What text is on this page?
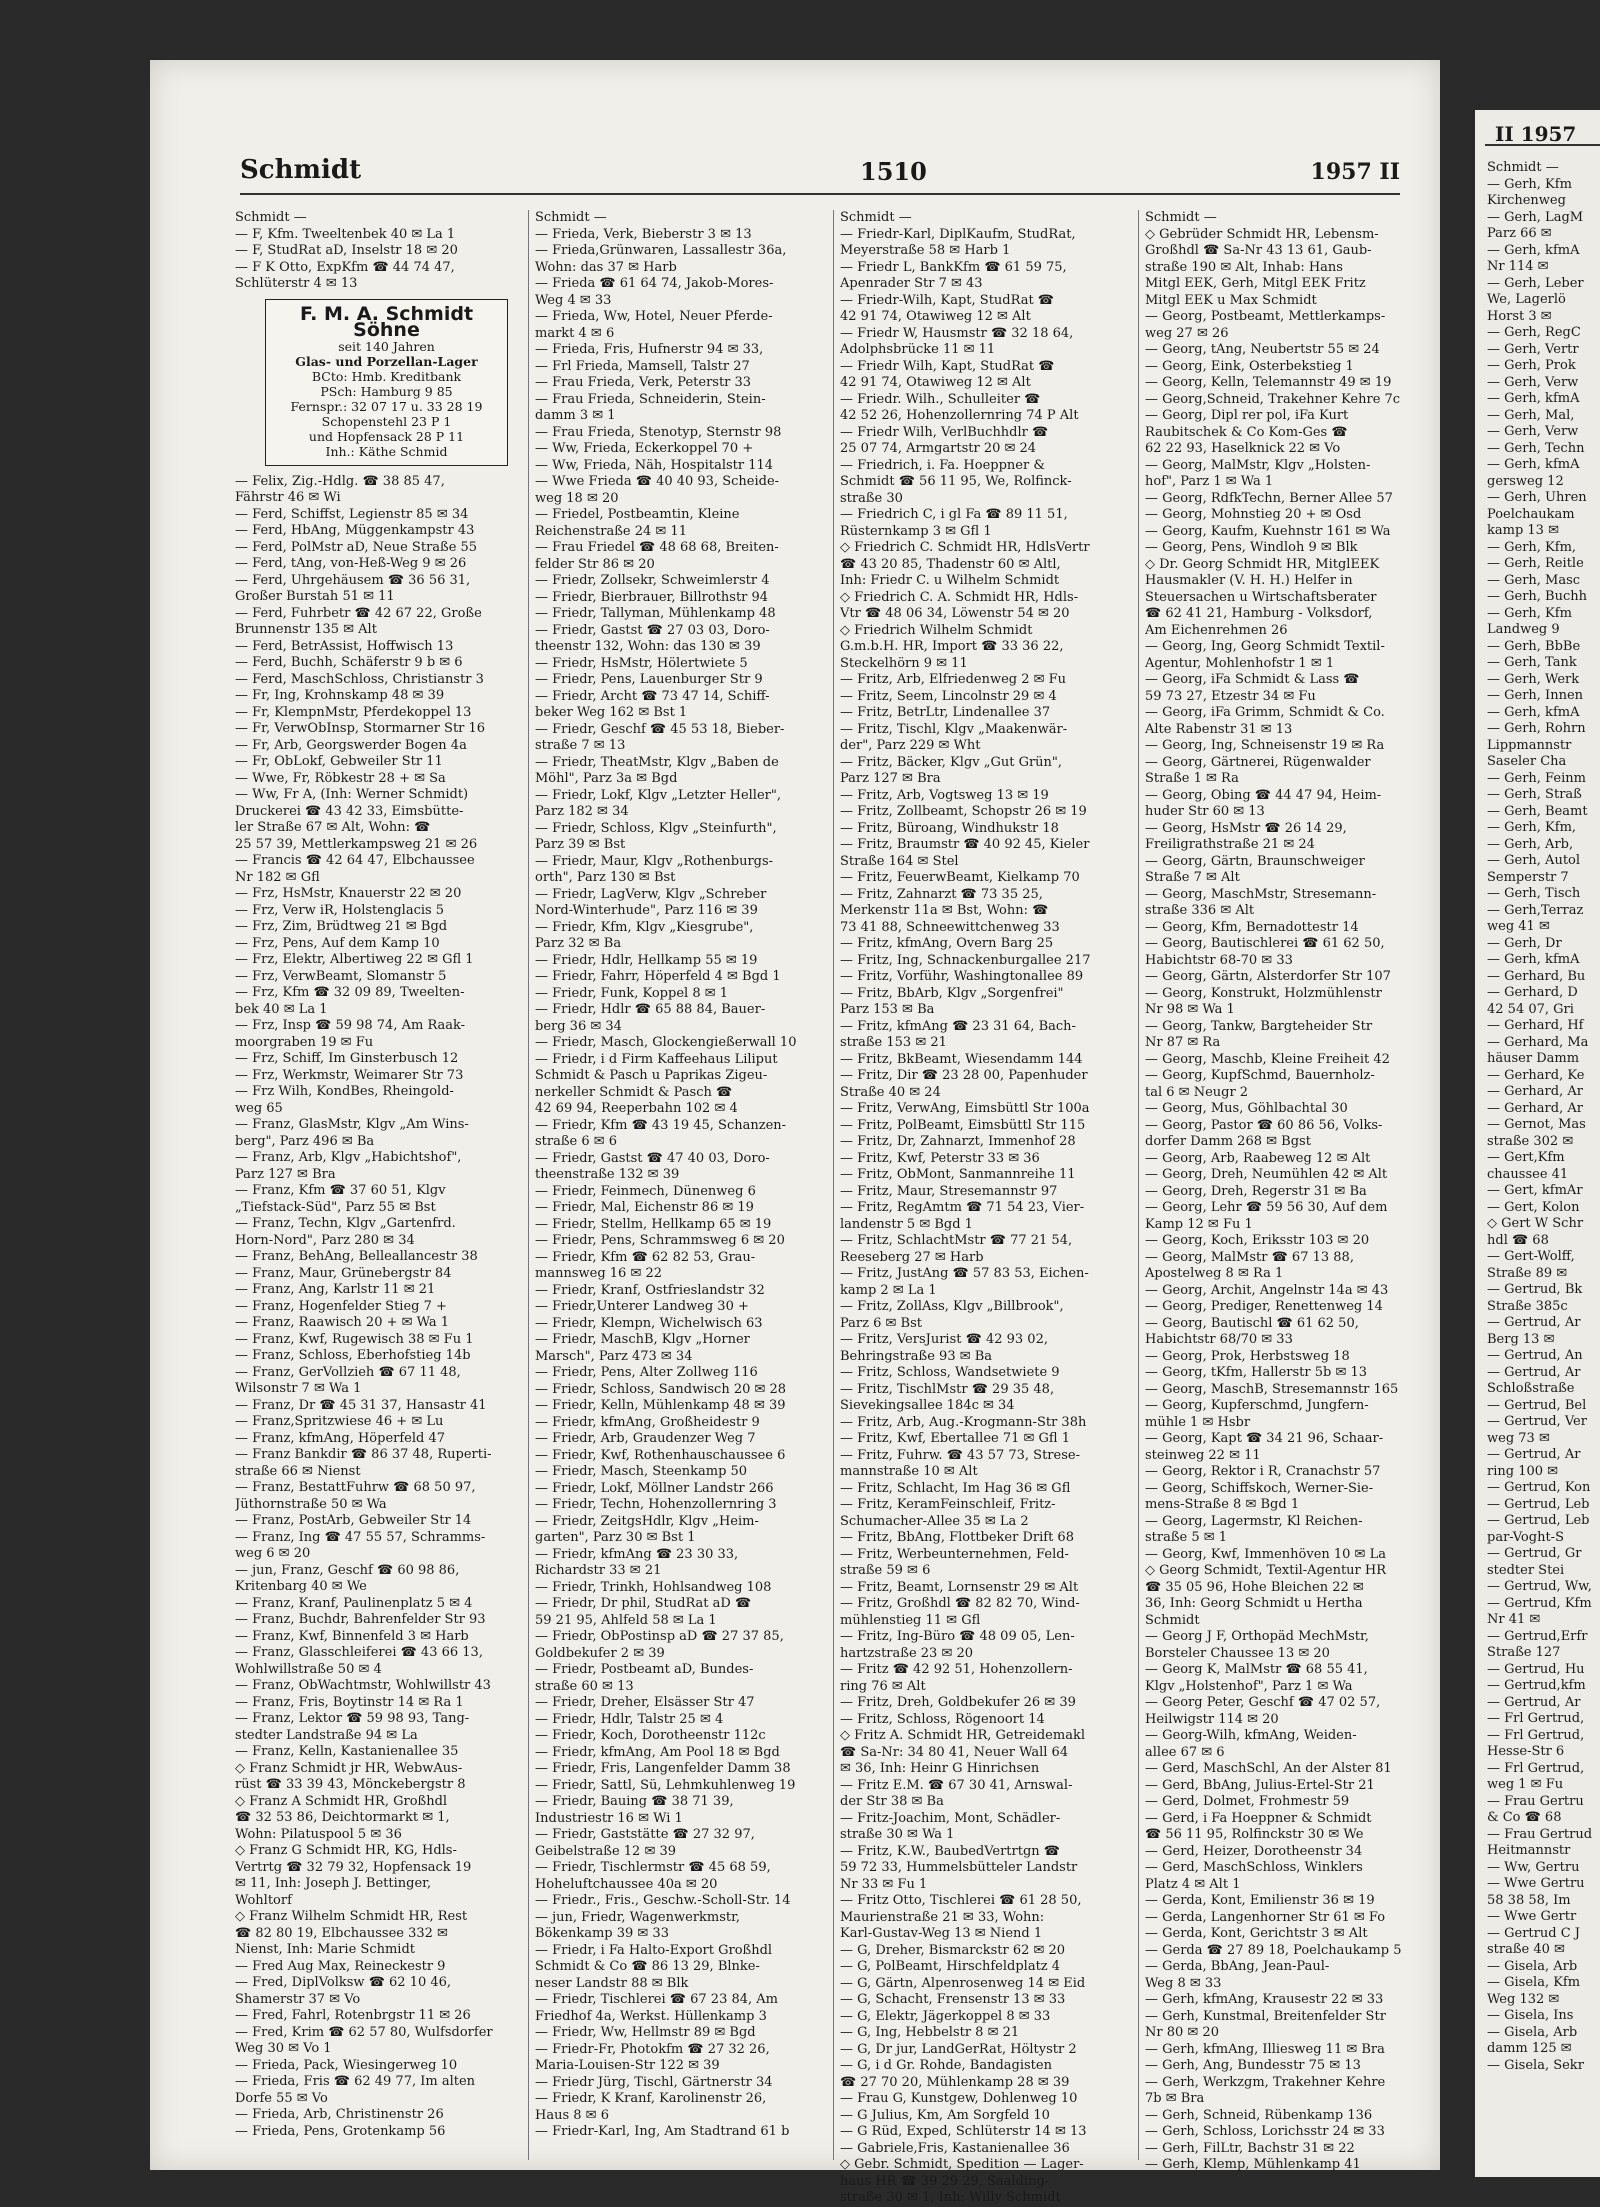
Schmidt	1510	1957 II
Schmidt —
— F, Kfm. Tweeltenbek 40 ✉ La 1
— F, StudRat aD, Inselstr 18 ✉ 20
— F K Otto, ExpKfm ☎ 44 74 47,
Schlüterstr 4 ✉ 13
F. M. A. Schmidt Söhne
seit 140 Jahren
Glas- und Porzellan-Lager
BCto: Hmb. Kreditbank
PSch: Hamburg 9 85
Fernspr.: 32 07 17 u. 33 28 19
Schopenstehl 23 P 1
und Hopfensack 28 P 11
Inh.: Käthe Schmid
— Felix, Zig.-Hdlg. ☎ 38 85 47,
Fährstr 46 ✉ Wi
— Ferd, Schiffst, Legienstr 85 ✉ 34
— Ferd, HbAng, Müggenkampstr 43
— Ferd, PolMstr aD, Neue Straße 55
— Ferd, tAng, von-Heß-Weg 9 ✉ 26
— Ferd, Uhrgehäusem ☎ 36 56 31,
Großer Burstah 51 ✉ 11
— Ferd, Fuhrbetr ☎ 42 67 22, Große
Brunnenstr 135 ✉ Alt
— Ferd, BetrAssist, Hoffwisch 13
— Ferd, Buchh, Schäferstr 9 b ✉ 6
— Ferd, MaschSchloss, Christianstr 3
— Fr, Ing, Krohnskamp 48 ✉ 39
— Fr, KlempnMstr, Pferdekoppel 13
— Fr, VerwObInsp, Stormarner Str 16
— Fr, Arb, Georgswerder Bogen 4a
— Fr, ObLokf, Gebweiler Str 11
— Wwe, Fr, Röbkestr 28 + ✉ Sa
— Ww, Fr A, (Inh: Werner Schmidt)
Druckerei ☎ 43 42 33, Eimsbütte-
ler Straße 67 ✉ Alt, Wohn: ☎
25 57 39, Mettlerkampsweg 21 ✉ 26
— Francis ☎ 42 64 47, Elbchaussee
Nr 182 ✉ Gfl
— Frz, HsMstr, Knauerstr 22 ✉ 20
— Frz, Verw iR, Holstenglacis 5
— Frz, Zim, Brüdtweg 21 ✉ Bgd
— Frz, Pens, Auf dem Kamp 10
— Frz, Elektr, Albertiweg 22 ✉ Gfl 1
— Frz, VerwBeamt, Slomanstr 5
— Frz, Kfm ☎ 32 09 89, Tweelten-
bek 40 ✉ La 1
— Frz, Insp ☎ 59 98 74, Am Raak-
moorgraben 19 ✉ Fu
— Frz, Schiff, Im Ginsterbusch 12
— Frz, Werkmstr, Weimarer Str 73
— Frz Wilh, KondBes, Rheingold-
weg 65
— Franz, GlasMstr, Klgv „Am Wins-
berg", Parz 496 ✉ Ba
— Franz, Arb, Klgv „Habichtshof",
Parz 127 ✉ Bra
— Franz, Kfm ☎ 37 60 51, Klgv
„Tiefstack-Süd", Parz 55 ✉ Bst
— Franz, Techn, Klgv „Gartenfrd.
Horn-Nord", Parz 280 ✉ 34
— Franz, BehAng, Belleallancestr 38
— Franz, Maur, Grünebergstr 84
— Franz, Ang, Karlstr 11 ✉ 21
— Franz, Hogenfelder Stieg 7 +
— Franz, Raawisch 20 + ✉ Wa 1
— Franz, Kwf, Rugewisch 38 ✉ Fu 1
— Franz, Schloss, Eberhofstieg 14b
— Franz, GerVollzieh ☎ 67 11 48,
Wilsonstr 7 ✉ Wa 1
— Franz, Dr ☎ 45 31 37, Hansastr 41
— Franz,Spritzwiese 46 + ✉ Lu
— Franz, kfmAng, Höperfeld 47
— Franz Bankdir ☎ 86 37 48, Ruperti-
straße 66 ✉ Nienst
— Franz, BestattFuhrw ☎ 68 50 97,
Jüthornstraße 50 ✉ Wa
— Franz, PostArb, Gebweiler Str 14
— Franz, Ing ☎ 47 55 57, Schramms-
weg 6 ✉ 20
— jun, Franz, Geschf ☎ 60 98 86,
Kritenbarg 40 ✉ We
— Franz, Kranf, Paulinenplatz 5 ✉ 4
— Franz, Buchdr, Bahrenfelder Str 93
— Franz, Kwf, Binnenfeld 3 ✉ Harb
— Franz, Glasschleiferei ☎ 43 66 13,
Wohlwillstraße 50 ✉ 4
— Franz, ObWachtmstr, Wohlwillstr 43
— Franz, Fris, Boytinstr 14 ✉ Ra 1
— Franz, Lektor ☎ 59 98 93, Tang-
stedter Landstraße 94 ✉ La
— Franz, Kelln, Kastanienallee 35
◇ Franz Schmidt jr HR, WebwAus-
rüst ☎ 33 39 43, Mönckebergstr 8
◇ Franz A Schmidt HR, Großhdl
☎ 32 53 86, Deichtormarkt ✉ 1,
Wohn: Pilatuspool 5 ✉ 36
◇ Franz G Schmidt HR, KG, Hdls-
Vertrtg ☎ 32 79 32, Hopfensack 19
✉ 11, Inh: Joseph J. Bettinger,
Wohltorf
◇ Franz Wilhelm Schmidt HR, Rest
☎ 82 80 19, Elbchaussee 332 ✉
Nienst, Inh: Marie Schmidt
— Fred Aug Max, Reineckestr 9
— Fred, DiplVolksw ☎ 62 10 46,
Shamerstr 37 ✉ Vo
— Fred, Fahrl, Rotenbrgstr 11 ✉ 26
— Fred, Krim ☎ 62 57 80, Wulfsdorfer
Weg 30 ✉ Vo 1
— Frieda, Pack, Wiesingerweg 10
— Frieda, Fris ☎ 62 49 77, Im alten
Dorfe 55 ✉ Vo
— Frieda, Arb, Christinenstr 26
— Frieda, Pens, Grotenkamp 56
Schmidt —
— Frieda, Verk, Bieberstr 3 ✉ 13
— Frieda,Grünwaren, Lassallestr 36a,
Wohn: das 37 ✉ Harb
— Frieda ☎ 61 64 74, Jakob-Mores-
Weg 4 ✉ 33
— Frieda, Ww, Hotel, Neuer Pferde-
markt 4 ✉ 6
— Frieda, Fris, Hufnerstr 94 ✉ 33,
— Frl Frieda, Mamsell, Talstr 27
— Frau Frieda, Verk, Peterstr 33
— Frau Frieda, Schneiderin, Stein-
damm 3 ✉ 1
— Frau Frieda, Stenotyp, Sternstr 98
— Ww, Frieda, Eckerkoppel 70 +
— Ww, Frieda, Näh, Hospitalstr 114
— Wwe Frieda ☎ 40 40 93, Scheide-
weg 18 ✉ 20
— Friedel, Postbeamtin, Kleine
Reichenstraße 24 ✉ 11
— Frau Friedel ☎ 48 68 68, Breiten-
felder Str 86 ✉ 20
— Friedr, Zollsekr, Schweimlerstr 4
— Friedr, Bierbrauer, Billrothstr 94
— Friedr, Tallyman, Mühlenkamp 48
— Friedr, Gastst ☎ 27 03 03, Doro-
theenstr 132, Wohn: das 130 ✉ 39
— Friedr, HsMstr, Hölertwiete 5
— Friedr, Pens, Lauenburger Str 9
— Friedr, Archt ☎ 73 47 14, Schiff-
beker Weg 162 ✉ Bst 1
— Friedr, Geschf ☎ 45 53 18, Bieber-
straße 7 ✉ 13
— Friedr, TheatMstr, Klgv „Baben de
Möhl", Parz 3a ✉ Bgd
— Friedr, Lokf, Klgv „Letzter Heller",
Parz 182 ✉ 34
— Friedr, Schloss, Klgv „Steinfurth",
Parz 39 ✉ Bst
— Friedr, Maur, Klgv „Rothenburgs-
orth", Parz 130 ✉ Bst
— Friedr, LagVerw, Klgv „Schreber
Nord-Winterhude", Parz 116 ✉ 39
— Friedr, Kfm, Klgv „Kiesgrube",
Parz 32 ✉ Ba
— Friedr, Hdlr, Hellkamp 55 ✉ 19
— Friedr, Fahrr, Höperfeld 4 ✉ Bgd 1
— Friedr, Funk, Koppel 8 ✉ 1
— Friedr, Hdlr ☎ 65 88 84, Bauer-
berg 36 ✉ 34
— Friedr, Masch, Glockengießerwall 10
— Friedr, i d Firm Kaffeehaus Liliput
Schmidt & Pasch u Paprikas Zigeu-
nerkeller Schmidt & Pasch ☎
42 69 94, Reeperbahn 102 ✉ 4
— Friedr, Kfm ☎ 43 19 45, Schanzen-
straße 6 ✉ 6
— Friedr, Gastst ☎ 47 40 03, Doro-
theenstraße 132 ✉ 39
— Friedr, Feinmech, Dünenweg 6
— Friedr, Mal, Eichenstr 86 ✉ 19
— Friedr, Stellm, Hellkamp 65 ✉ 19
— Friedr, Pens, Schrammsweg 6 ✉ 20
— Friedr, Kfm ☎ 62 82 53, Grau-
mannsweg 16 ✉ 22
— Friedr, Kranf, Ostfrieslandstr 32
— Friedr,Unterer Landweg 30 +
— Friedr, Klempn, Wichelwisch 63
— Friedr, MaschB, Klgv „Horner
Marsch", Parz 473 ✉ 34
— Friedr, Pens, Alter Zollweg 116
— Friedr, Schloss, Sandwisch 20 ✉ 28
— Friedr, Kelln, Mühlenkamp 48 ✉ 39
— Friedr, kfmAng, Großheidestr 9
— Friedr, Arb, Graudenzer Weg 7
— Friedr, Kwf, Rothenhauschaussee 6
— Friedr, Masch, Steenkamp 50
— Friedr, Lokf, Möllner Landstr 266
— Friedr, Techn, Hohenzollernring 3
— Friedr, ZeitgsHdlr, Klgv „Heim-
garten", Parz 30 ✉ Bst 1
— Friedr, kfmAng ☎ 23 30 33,
Richardstr 33 ✉ 21
— Friedr, Trinkh, Hohlsandweg 108
— Friedr, Dr phil, StudRat aD ☎
59 21 95, Ahlfeld 58 ✉ La 1
— Friedr, ObPostinsp aD ☎ 27 37 85,
Goldbekufer 2 ✉ 39
— Friedr, Postbeamt aD, Bundes-
straße 60 ✉ 13
— Friedr, Dreher, Elsässer Str 47
— Friedr, Hdlr, Talstr 25 ✉ 4
— Friedr, Koch, Dorotheenstr 112c
— Friedr, kfmAng, Am Pool 18 ✉ Bgd
— Friedr, Fris, Langenfelder Damm 38
— Friedr, Sattl, Sü, Lehmkuhlenweg 19
— Friedr, Bauing ☎ 38 71 39,
Industriestr 16 ✉ Wi 1
— Friedr, Gaststätte ☎ 27 32 97,
Geibelstraße 12 ✉ 39
— Friedr, Tischlermstr ☎ 45 68 59,
Hoheluftchaussee 40a ✉ 20
— Friedr., Fris., Geschw.-Scholl-Str. 14
— jun, Friedr, Wagenwerkmstr,
Bökenkamp 39 ✉ 33
— Friedr, i Fa Halto-Export Großhdl
Schmidt & Co ☎ 86 13 29, Blnke-
neser Landstr 88 ✉ Blk
— Friedr, Tischlerei ☎ 67 23 84, Am
Friedhof 4a, Werkst. Hüllenkamp 3
— Friedr, Ww, Hellmstr 89 ✉ Bgd
— Friedr-Fr, Photokfm ☎ 27 32 26,
Maria-Louisen-Str 122 ✉ 39
— Friedr Jürg, Tischl, Gärtnerstr 34
— Friedr, K Kranf, Karolinenstr 26,
Haus 8 ✉ 6
— Friedr-Karl, Ing, Am Stadtrand 61 b
Schmidt —
— Friedr-Karl, DiplKaufm, StudRat,
Meyerstraße 58 ✉ Harb 1
— Friedr L, BankKfm ☎ 61 59 75,
Apenrader Str 7 ✉ 43
— Friedr-Wilh, Kapt, StudRat ☎
42 91 74, Otawiweg 12 ✉ Alt
— Friedr W, Hausmstr ☎ 32 18 64,
Adolphsbrücke 11 ✉ 11
— Friedr Wilh, Kapt, StudRat ☎
42 91 74, Otawiweg 12 ✉ Alt
— Friedr. Wilh., Schulleiter ☎
42 52 26, Hohenzollernring 74 P Alt
— Friedr Wilh, VerlBuchhdlr ☎
25 07 74, Armgartstr 20 ✉ 24
— Friedrich, i. Fa. Hoeppner &
Schmidt ☎ 56 11 95, We, Rolfinck-
straße 30
— Friedrich C, i gl Fa ☎ 89 11 51,
Rüsternkamp 3 ✉ Gfl 1
◇ Friedrich C. Schmidt HR, HdlsVertr
☎ 43 20 85, Thadenstr 60 ✉ Altl,
Inh: Friedr C. u Wilhelm Schmidt
◇ Friedrich C. A. Schmidt HR, Hdls-
Vtr ☎ 48 06 34, Löwenstr 54 ✉ 20
◇ Friedrich Wilhelm Schmidt
G.m.b.H. HR, Import ☎ 33 36 22,
Steckelhörn 9 ✉ 11
— Fritz, Arb, Elfriedenweg 2 ✉ Fu
— Fritz, Seem, Lincolnstr 29 ✉ 4
— Fritz, BetrLtr, Lindenallee 37
— Fritz, Tischl, Klgv „Maakenwär-
der", Parz 229 ✉ Wht
— Fritz, Bäcker, Klgv „Gut Grün",
Parz 127 ✉ Bra
— Fritz, Arb, Vogtsweg 13 ✉ 19
— Fritz, Zollbeamt, Schopstr 26 ✉ 19
— Fritz, Büroang, Windhukstr 18
— Fritz, Braumstr ☎ 40 92 45, Kieler
Straße 164 ✉ Stel
— Fritz, FeuerwBeamt, Kielkamp 70
— Fritz, Zahnarzt ☎ 73 35 25,
Merkenstr 11a ✉ Bst, Wohn: ☎
73 41 88, Schneewittchenweg 33
— Fritz, kfmAng, Övern Barg 25
— Fritz, Ing, Schnackenburgallee 217
— Fritz, Vorführ, Washingtonallee 89
— Fritz, BbArb, Klgv „Sorgenfrei"
Parz 153 ✉ Ba
— Fritz, kfmAng ☎ 23 31 64, Bach-
straße 153 ✉ 21
— Fritz, BkBeamt, Wiesendamm 144
— Fritz, Dir ☎ 23 28 00, Papenhuder
Straße 40 ✉ 24
— Fritz, VerwAng, Eimsbüttl Str 100a
— Fritz, PolBeamt, Eimsbüttl Str 115
— Fritz, Dr, Zahnarzt, Immenhof 28
— Fritz, Kwf, Peterstr 33 ✉ 36
— Fritz, ObMont, Sanmannreihe 11
— Fritz, Maur, Stresemannstr 97
— Fritz, RegAmtm ☎ 71 54 23, Vier-
landenstr 5 ✉ Bgd 1
— Fritz, SchlachtMstr ☎ 77 21 54,
Reeseberg 27 ✉ Harb
— Fritz, JustAng ☎ 57 83 53, Eichen-
kamp 2 ✉ La 1
— Fritz, ZollAss, Klgv „Billbrook",
Parz 6 ✉ Bst
— Fritz, VersJurist ☎ 42 93 02,
Behringstraße 93 ✉ Ba
— Fritz, Schloss, Wandsetwiete 9
— Fritz, TischlMstr ☎ 29 35 48,
Sievekingsallee 184c ✉ 34
— Fritz, Arb, Aug.-Krogmann-Str 38h
— Fritz, Kwf, Ebertallee 71 ✉ Gfl 1
— Fritz, Fuhrw. ☎ 43 57 73, Strese-
mannstraße 10 ✉ Alt
— Fritz, Schlacht, Im Hag 36 ✉ Gfl
— Fritz, KeramFeinschleif, Fritz-
Schumacher-Allee 35 ✉ La 2
— Fritz, BbAng, Flottbeker Drift 68
— Fritz, Werbeunternehmen, Feld-
straße 59 ✉ 6
— Fritz, Beamt, Lornsenstr 29 ✉ Alt
— Fritz, Großhdl ☎ 82 82 70, Wind-
mühlenstieg 11 ✉ Gfl
— Fritz, Ing-Büro ☎ 48 09 05, Len-
hartzstraße 23 ✉ 20
— Fritz ☎ 42 92 51, Hohenzollern-
ring 76 ✉ Alt
— Fritz, Dreh, Goldbekufer 26 ✉ 39
— Fritz, Schloss, Rögenoort 14
◇ Fritz A. Schmidt HR, Getreidemakl
☎ Sa-Nr: 34 80 41, Neuer Wall 64
✉ 36, Inh: Heinr G Hinrichsen
— Fritz E.M. ☎ 67 30 41, Arnswal-
der Str 38 ✉ Ba
— Fritz-Joachim, Mont, Schädler-
straße 30 ✉ Wa 1
— Fritz, K.W., BaubedVertrtgn ☎
59 72 33, Hummelsbütteler Landstr
Nr 33 ✉ Fu 1
— Fritz Otto, Tischlerei ☎ 61 28 50,
Maurienstraße 21 ✉ 33, Wohn:
Karl-Gustav-Weg 13 ✉ Niend 1
— G, Dreher, Bismarckstr 62 ✉ 20
— G, PolBeamt, Hirschfeldplatz 4
— G, Gärtn, Alpenrosenweg 14 ✉ Eid
— G, Schacht, Frensenstr 13 ✉ 33
— G, Elektr, Jägerkoppel 8 ✉ 33
— G, Ing, Hebbelstr 8 ✉ 21
— G, Dr jur, LandGerRat, Höltystr 2
— G, i d Gr. Rohde, Bandagisten
☎ 27 70 20, Mühlenkamp 28 ✉ 39
— Frau G, Kunstgew, Dohlenweg 10
— G Julius, Km, Am Sorgfeld 10
— G Rüd, Exped, Schlüterstr 14 ✉ 13
— Gabriele,Fris, Kastanienallee 36
◇ Gebr. Schmidt, Spedition — Lager-
haus HR ☎ 39 29 29, Saalding-
straße 30 ✉ 1, Inh: Willy Schmidt
Schmidt —
◇ Gebrüder Schmidt HR, Lebensm-
Großhdl ☎ Sa-Nr 43 13 61, Gaub-
straße 190 ✉ Alt, Inhab: Hans
Mitgl EEK, Gerh, Mitgl EEK Fritz
Mitgl EEK u Max Schmidt
— Georg, Postbeamt, Mettlerkamps-
weg 27 ✉ 26
— Georg, tAng, Neubertstr 55 ✉ 24
— Georg, Eink, Osterbekstieg 1
— Georg, Kelln, Telemannstr 49 ✉ 19
— Georg,Schneid, Trakehner Kehre 7c
— Georg, Dipl rer pol, iFa Kurt
Raubitschek & Co Kom-Ges ☎
62 22 93, Haselknick 22 ✉ Vo
— Georg, MalMstr, Klgv „Holsten-
hof", Parz 1 ✉ Wa 1
— Georg, RdfkTechn, Berner Allee 57
— Georg, Mohnstieg 20 + ✉ Osd
— Georg, Kaufm, Kuehnstr 161 ✉ Wa
— Georg, Pens, Windloh 9 ✉ Blk
◇ Dr. Georg Schmidt HR, MitglEEK
Hausmakler (V. H. H.) Helfer in
Steuersachen u Wirtschaftsberater
☎ 62 41 21, Hamburg - Volksdorf,
Am Eichenrehmen 26
— Georg, Ing, Georg Schmidt Textil-
Agentur, Mohlenhofstr 1 ✉ 1
— Georg, iFa Schmidt & Lass ☎
59 73 27, Etzestr 34 ✉ Fu
— Georg, iFa Grimm, Schmidt & Co.
Alte Rabenstr 31 ✉ 13
— Georg, Ing, Schneisenstr 19 ✉ Ra
— Georg, Gärtnerei, Rügenwalder
Straße 1 ✉ Ra
— Georg, Obing ☎ 44 47 94, Heim-
huder Str 60 ✉ 13
— Georg, HsMstr ☎ 26 14 29,
Freiligrathstraße 21 ✉ 24
— Georg, Gärtn, Braunschweiger
Straße 7 ✉ Alt
— Georg, MaschMstr, Stresemann-
straße 336 ✉ Alt
— Georg, Kfm, Bernadottestr 14
— Georg, Bautischlerei ☎ 61 62 50,
Habichtstr 68-70 ✉ 33
— Georg, Gärtn, Alsterdorfer Str 107
— Georg, Konstrukt, Holzmühlenstr
Nr 98 ✉ Wa 1
— Georg, Tankw, Bargteheider Str
Nr 87 ✉ Ra
— Georg, Maschb, Kleine Freiheit 42
— Georg, KupfSchmd, Bauernholz-
tal 6 ✉ Neugr 2
— Georg, Mus, Göhlbachtal 30
— Georg, Pastor ☎ 60 86 56, Volks-
dorfer Damm 268 ✉ Bgst
— Georg, Arb, Raabeweg 12 ✉ Alt
— Georg, Dreh, Neumühlen 42 ✉ Alt
— Georg, Dreh, Regerstr 31 ✉ Ba
— Georg, Lehr ☎ 59 56 30, Auf dem
Kamp 12 ✉ Fu 1
— Georg, Koch, Eriksstr 103 ✉ 20
— Georg, MalMstr ☎ 67 13 88,
Apostelweg 8 ✉ Ra 1
— Georg, Archit, Angelnstr 14a ✉ 43
— Georg, Prediger, Renettenweg 14
— Georg, Bautischl ☎ 61 62 50,
Habichtstr 68/70 ✉ 33
— Georg, Prok, Herbstsweg 18
— Georg, tKfm, Hallerstr 5b ✉ 13
— Georg, MaschB, Stresemannstr 165
— Georg, Kupferschmd, Jungfern-
mühle 1 ✉ Hsbr
— Georg, Kapt ☎ 34 21 96, Schaar-
steinweg 22 ✉ 11
— Georg, Rektor i R, Cranachstr 57
— Georg, Schiffskoch, Werner-Sie-
mens-Straße 8 ✉ Bgd 1
— Georg, Lagermstr, Kl Reichen-
straße 5 ✉ 1
— Georg, Kwf, Immenhöven 10 ✉ La
◇ Georg Schmidt, Textil-Agentur HR
☎ 35 05 96, Hohe Bleichen 22 ✉
36, Inh: Georg Schmidt u Hertha
Schmidt
— Georg J F, Orthopäd MechMstr,
Borsteler Chaussee 13 ✉ 20
— Georg K, MalMstr ☎ 68 55 41,
Klgv „Holstenhof", Parz 1 ✉ Wa
— Georg Peter, Geschf ☎ 47 02 57,
Heilwigstr 114 ✉ 20
— Georg-Wilh, kfmAng, Weiden-
allee 67 ✉ 6
— Gerd, MaschSchl, An der Alster 81
— Gerd, BbAng, Julius-Ertel-Str 21
— Gerd, Dolmet, Frohmestr 59
— Gerd, i Fa Hoeppner & Schmidt
☎ 56 11 95, Rolfinckstr 30 ✉ We
— Gerd, Heizer, Dorotheenstr 34
— Gerd, MaschSchloss, Winklers
Platz 4 ✉ Alt 1
— Gerda, Kont, Emilienstr 36 ✉ 19
— Gerda, Langenhorner Str 61 ✉ Fo
— Gerda, Kont, Gerichtstr 3 ✉ Alt
— Gerda ☎ 27 89 18, Poelchaukamp 5
— Gerda, BbAng, Jean-Paul-
Weg 8 ✉ 33
— Gerh, kfmAng, Krausestr 22 ✉ 33
— Gerh, Kunstmal, Breitenfelder Str
Nr 80 ✉ 20
— Gerh, kfmAng, Illiesweg 11 ✉ Bra
— Gerh, Ang, Bundesstr 75 ✉ 13
— Gerh, Werkzgm, Trakehner Kehre
7b ✉ Bra
— Gerh, Schneid, Rübenkamp 136
— Gerh, Schloss, Lorichsstr 24 ✉ 33
— Gerh, FilLtr, Bachstr 31 ✉ 22
— Gerh, Klemp, Mühlenkamp 41
II 1957
Schmidt —
— Gerh, Kfm
Kirchenweg
— Gerh, LagM
Parz 66 ✉
— Gerh, kfmA
Nr 114 ✉
— Gerh, Leber
We, Lagerlö
Horst 3 ✉
— Gerh, RegC
— Gerh, Vertr
— Gerh, Prok
— Gerh, Verw
— Gerh, kfmA
— Gerh, Mal,
— Gerh, Verw
— Gerh, Techn
— Gerh, kfmA
gersweg 12
— Gerh, Uhren
Poelchaukam
kamp 13 ✉
— Gerh, Kfm,
— Gerh, Reitle
— Gerh, Masc
— Gerh, Buchh
— Gerh, Kfm
Landweg 9
— Gerh, BbBe
— Gerh, Tank
— Gerh, Werk
— Gerh, Innen
— Gerh, kfmA
— Gerh, Rohrn
Lippmannstr
Saseler Cha
— Gerh, Feinm
— Gerh, Straß
— Gerh, Beamt
— Gerh, Kfm,
— Gerh, Arb,
— Gerh, Autol
Semperstr 7
— Gerh, Tisch
— Gerh,Terraz
weg 41 ✉
— Gerh, Dr
— Gerh, kfmA
— Gerhard, Bu
— Gerhard, D
42 54 07, Gri
— Gerhard, Hf
— Gerhard, Ma
häuser Damm
— Gerhard, Ke
— Gerhard, Ar
— Gerhard, Ar
— Gernot, Mas
straße 302 ✉
— Gert,Kfm
chaussee 41
— Gert, kfmAr
— Gert, Kolon
◇ Gert W Schr
hdl ☎ 68
— Gert-Wolff,
Straße 89 ✉
— Gertrud, Bk
Straße 385c
— Gertrud, Ar
Berg 13 ✉
— Gertrud, An
— Gertrud, Ar
Schloßstraße
— Gertrud, Bel
— Gertrud, Ver
weg 73 ✉
— Gertrud, Ar
ring 100 ✉
— Gertrud, Kon
— Gertrud, Leb
— Gertrud, Leb
par-Voght-S
— Gertrud, Gr
stedter Stei
— Gertrud, Ww,
— Gertrud, Kfm
Nr 41 ✉
— Gertrud,Erfr
Straße 127
— Gertrud, Hu
— Gertrud,kfm
— Gertrud, Ar
— Frl Gertrud,
— Frl Gertrud,
Hesse-Str 6
— Frl Gertrud,
weg 1 ✉ Fu
— Frau Gertru
& Co ☎ 68
— Frau Gertrud
Heitmannstr
— Ww, Gertru
— Wwe Gertru
58 38 58, Im
— Wwe Gertr
— Gertrud C J
straße 40 ✉
— Gisela, Arb
— Gisela, Kfm
Weg 132 ✉
— Gisela, Ins
— Gisela, Arb
damm 125 ✉
— Gisela, Sekr
